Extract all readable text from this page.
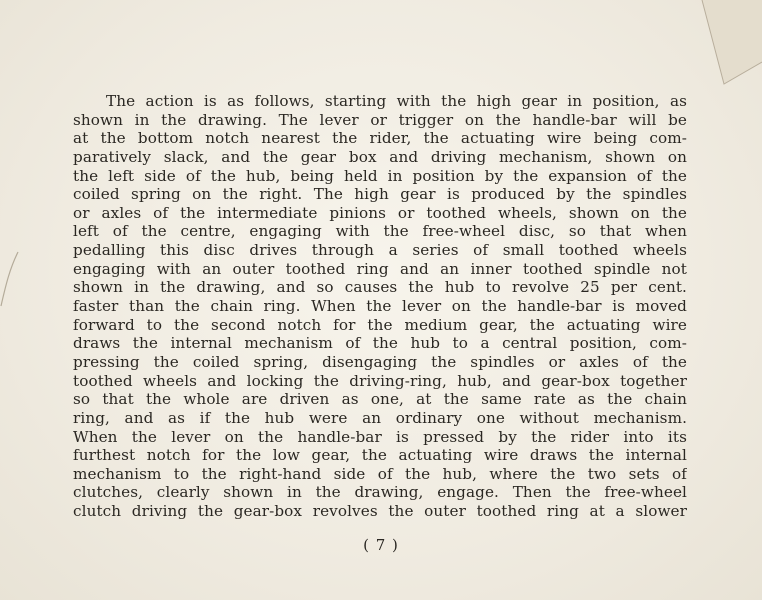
The action is as follows, starting with the high gear in position, as
shown in the drawing. The lever or trigger on the handle-bar will be
at the bottom notch nearest the rider, the actuating wire being com-
paratively slack, and the gear box and driving mechanism, shown on
the left side of the hub, being held in position by the expansion of the
coiled spring on the right. The high gear is produced by the spindles
or axles of the intermediate pinions or toothed wheels, shown on the
left of the centre, engaging with the free-wheel disc, so that when
pedalling this disc drives through a series of small toothed wheels
engaging with an outer toothed ring and an inner toothed spindle not
shown in the drawing, and so causes the hub to revolve 25 per cent.
faster than the chain ring. When the lever on the handle-bar is moved
forward to the second notch for the medium gear, the actuating wire
draws the internal mechanism of the hub to a central position, com-
pressing the coiled spring, disengaging the spindles or axles of the
toothed wheels and locking the driving-ring, hub, and gear-box together
so that the whole are driven as one, at the same rate as the chain
ring, and as if the hub were an ordinary one without mechanism.
When the lever on the handle-bar is pressed by the rider into its
furthest notch for the low gear, the actuating wire draws the internal
mechanism to the right-hand side of the hub, where the two sets of
clutches, clearly shown in the drawing, engage. Then the free-wheel
clutch driving the gear-box revolves the outer toothed ring at a slower
( 7 )
